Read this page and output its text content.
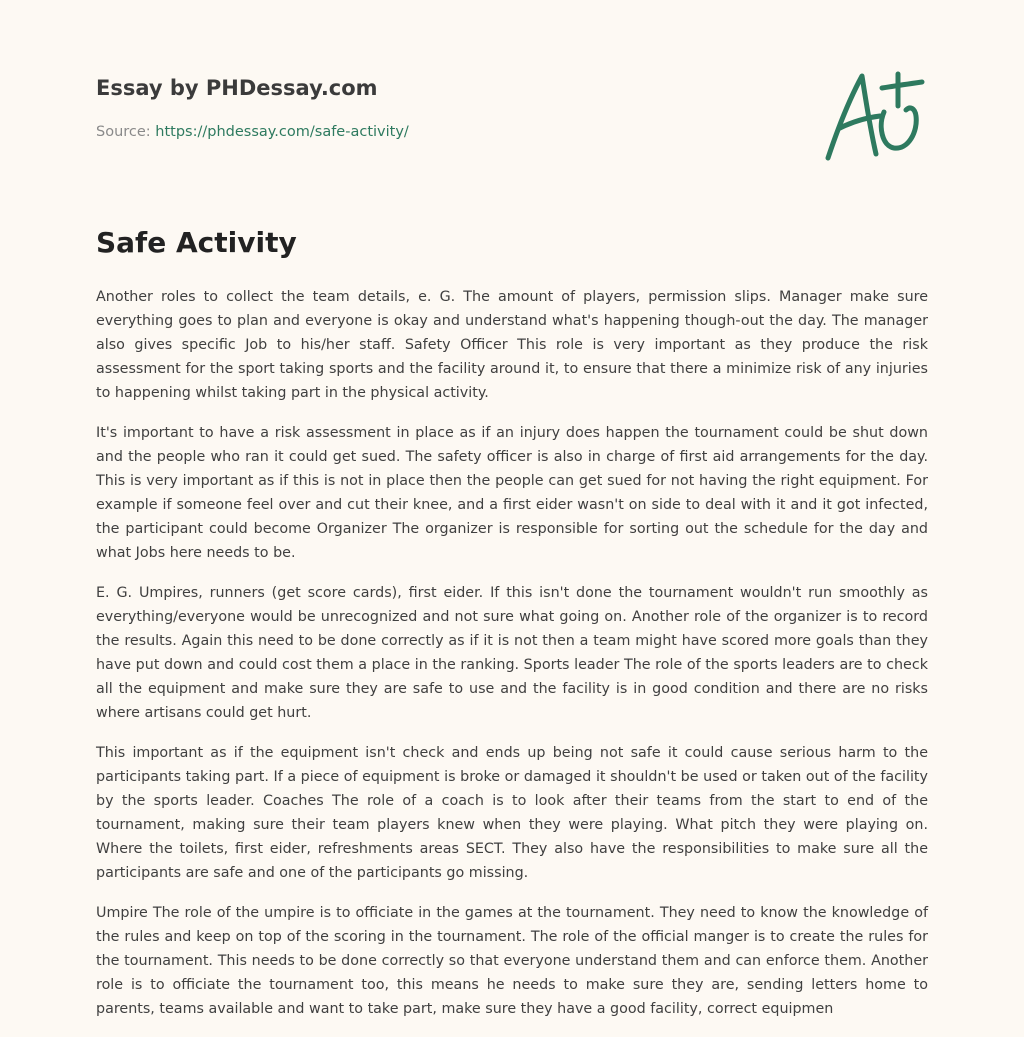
Essay by PHDessay.com
Source: https://phdessay.com/safe-activity/
Safe Activity

Another roles to collect the team details, e. G. The amount of players, permission slips. Manager make sure everything goes to plan and everyone is okay and understand what's happening though-out the day. The manager also gives specific Job to his/her staff. Safety Officer This role is very important as they produce the risk assessment for the sport taking sports and the facility around it, to ensure that there a minimize risk of any injuries to happening whilst taking part in the physical activity.

It's important to have a risk assessment in place as if an injury does happen the tournament could be shut down and the people who ran it could get sued. The safety officer is also in charge of first aid arrangements for the day. This is very important as if this is not in place then the people can get sued for not having the right equipment. For example if someone feel over and cut their knee, and a first eider wasn't on side to deal with it and it got infected, the participant could become Organizer The organizer is responsible for sorting out the schedule for the day and what Jobs here needs to be.

E. G. Umpires, runners (get score cards), first eider. If this isn't done the tournament wouldn't run smoothly as everything/everyone would be unrecognized and not sure what going on. Another role of the organizer is to record the results. Again this need to be done correctly as if it is not then a team might have scored more goals than they have put down and could cost them a place in the ranking. Sports leader The role of the sports leaders are to check all the equipment and make sure they are safe to use and the facility is in good condition and there are no risks where artisans could get hurt.

This important as if the equipment isn't check and ends up being not safe it could cause serious harm to the participants taking part. If a piece of equipment is broke or damaged it shouldn't be used or taken out of the facility by the sports leader. Coaches The role of a coach is to look after their teams from the start to end of the tournament, making sure their team players knew when they were playing. What pitch they were playing on. Where the toilets, first eider, refreshments areas SECT. They also have the responsibilities to make sure all the participants are safe and one of the participants go missing.

Umpire The role of the umpire is to officiate in the games at the tournament. They need to know the knowledge of the rules and keep on top of the scoring in the tournament. The role of the official manger is to create the rules for the tournament. This needs to be done correctly so that everyone understand them and can enforce them. Another role is to officiate the tournament too, this means he needs to make sure they are, sending letters home to parents, teams available and want to take part, make sure they have a good facility, correct equipmen
